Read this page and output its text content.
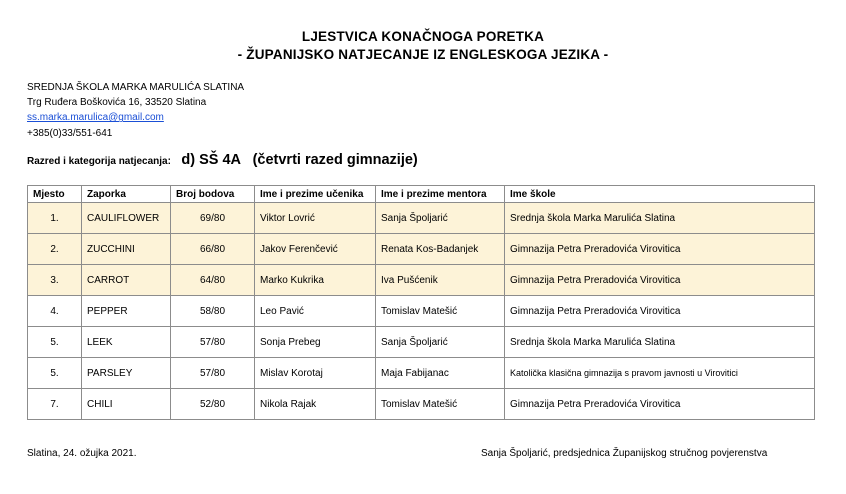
LJESTVICA KONAČNOGA PORETKA
- ŽUPANIJSKO NATJECANJE IZ ENGLESKOGA JEZIKA -
SREDNJA ŠKOLA MARKA MARULIĆA SLATINA
Trg Ruđera Boškovića 16, 33520 Slatina
ss.marka.marulica@gmail.com
+385(0)33/551-641
Razred i kategorija natjecanja: d) SŠ 4A   (četvrti razed gimnazije)
Mjesto	Zaporka	Broj bodova	Ime i prezime učenika	Ime i prezime mentora	Ime škole
1.	CAULIFLOWER	69/80	Viktor Lovrić	Sanja Špoljarić	Srednja škola Marka Marulića Slatina
2.	ZUCCHINI	66/80	Jakov Ferenčević	Renata Kos-Badanjek	Gimnazija Petra Preradovića Virovitica
3.	CARROT	64/80	Marko Kukrika	Iva Pušćenik	Gimnazija Petra Preradovića Virovitica
4.	PEPPER	58/80	Leo Pavić	Tomislav Matešić	Gimnazija Petra Preradovića Virovitica
5.	LEEK	57/80	Sonja Prebeg	Sanja Špoljarić	Srednja škola Marka Marulića Slatina
5.	PARSLEY	57/80	Mislav Korotaj	Maja Fabijanac	Katolička klasična gimnazija s pravom javnosti u Virovitici
7.	CHILI	52/80	Nikola Rajak	Tomislav Matešić	Gimnazija Petra Preradovića Virovitica
Slatina, 24. ožujka 2021.	Sanja Špoljarić, predsjednica Županijskog stručnog povjerenstva
